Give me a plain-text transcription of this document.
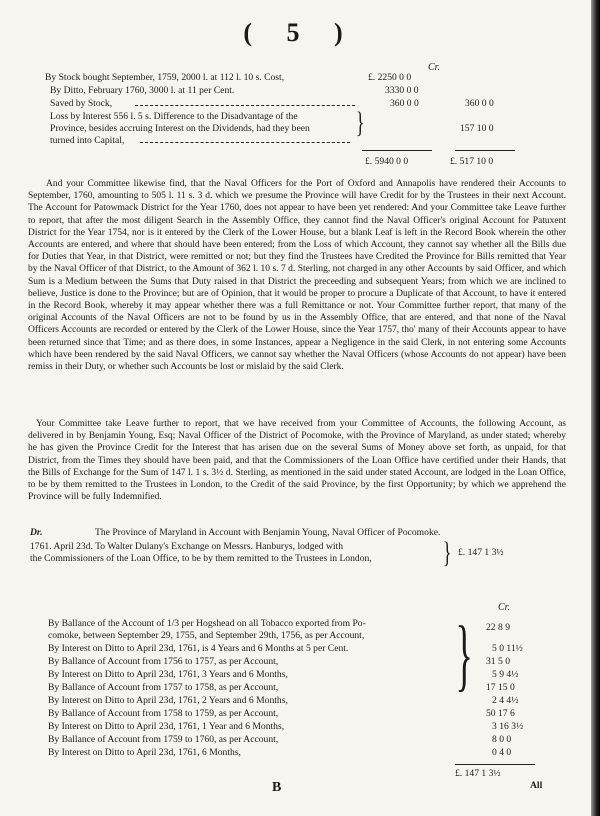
( 5 )
Cr.
By Stock bought September, 1759, 2000 l. at 112 l. 10 s. Cost,	£. 2250 0 0
By Ditto, February 1760, 3000 l. at 11 per Cent.	3330 0 0
Saved by Stock,	360 0 0	360 0 0
Loss by Interest 556 l. 5 s. Difference to the Disadvantage of the
Province, besides accruing Interest on the Dividends, had they been
turned into Capital,
}	157 10 0
£. 5940 0 0	£. 517 10 0
And your Committee likewise find, that the Naval Officers for the Port of Oxford and Annapolis have rendered their Accounts to September, 1760, amounting to 505 l. 11 s. 3 d. which we presume the Province will have Credit for by the Trustees in their next Account. The Account for Patowmack District for the Year 1760, does not appear to have been yet rendered: And your Committee take Leave further to report, that after the most diligent Search in the Assembly Office, they cannot find the Naval Officer's original Account for Patuxent District for the Year 1754, nor is it entered by the Clerk of the Lower House, but a blank Leaf is left in the Record Book wherein the other Accounts are entered, and where that should have been entered; from the Loss of which Account, they cannot say whether all the Bills due for Duties that Year, in that District, were remitted or not; but they find the Trustees have Credited the Province for Bills remitted that Year by the Naval Officer of that District, to the Amount of 362 l. 10 s. 7 d. Sterling, not charged in any other Accounts by said Officer, and which Sum is a Medium between the Sums that Duty raised in that District the preceeding and subsequent Years; from which we are inclined to believe, Justice is done to the Province; but are of Opinion, that it would be proper to procure a Duplicate of that Account, to have it entered in the Record Book, whereby it may appear whether there was a full Remittance or not. Your Committee further report, that many of the original Accounts of the Naval Officers are not to be found by us in the Assembly Office, that are entered, and that none of the Naval Officers Accounts are recorded or entered by the Clerk of the Lower House, since the Year 1757, tho' many of their Accounts appear to have been returned since that Time; and as there does, in some Instances, appear a Negligence in the said Clerk, in not entering some Accounts which have been rendered by the said Naval Officers, we cannot say whether the Naval Officers (whose Accounts do not appear) have been remiss in their Duty, or whether such Accounts be lost or mislaid by the said Clerk.
Your Committee take Leave further to report, that we have received from your Committee of Accounts, the following Account, as delivered in by Benjamin Young, Esq; Naval Officer of the District of Pocomoke, with the Province of Maryland, as under stated; whereby he has given the Province Credit for the Interest that has arisen due on the several Sums of Money above set forth, as unpaid, for that District, from the Times they should have been paid, and that the Commissioners of the Loan Office have certified under their Hands, that the Bills of Exchange for the Sum of 147 l. 1 s. 3½ d. Sterling, as mentioned in the said under stated Account, are lodged in the Loan Office, to be by them remitted to the Trustees in London, to the Credit of the said Province, by the first Opportunity; by which we apprehend the Province will be fully Indemnified.
Dr.	The Province of Maryland in Account with Benjamin Young, Naval Officer of Pocomoke.
1761. April 23d. To Walter Dulany's Exchange on Messrs. Hanburys, lodged with
the Commissioners of the Loan Office, to be by them remitted to the Trustees in London, } £. 147 1 3½
Cr.
By Ballance of the Account of 1/3 per Hogshead on all Tobacco exported from Po-	22 8 9
comoke, between September 29, 1755, and September 29th, 1756, as per Account,
By Interest on Ditto to April 23d, 1761, is 4 Years and 6 Months at 5 per Cent.	5 0 11½
By Ballance of Account from 1756 to 1757, as per Account,	31 5 0
By Interest on Ditto to April 23d, 1761, 3 Years and 6 Months,	5 9 4½
By Ballance of Account from 1757 to 1758, as per Account,	17 15 0
By Interest on Ditto to April 23d, 1761, 2 Years and 6 Months,	2 4 4½
By Ballance of Account from 1758 to 1759, as per Account,	50 17 6
By Interest on Ditto to April 23d, 1761, 1 Year and 6 Months,	3 16 3½
By Ballance of Account from 1759 to 1760, as per Account,	8 0 0
By Interest on Ditto to April 23d, 1761, 6 Months,	0 4 0
}
£. 147 1 3½
All
B
